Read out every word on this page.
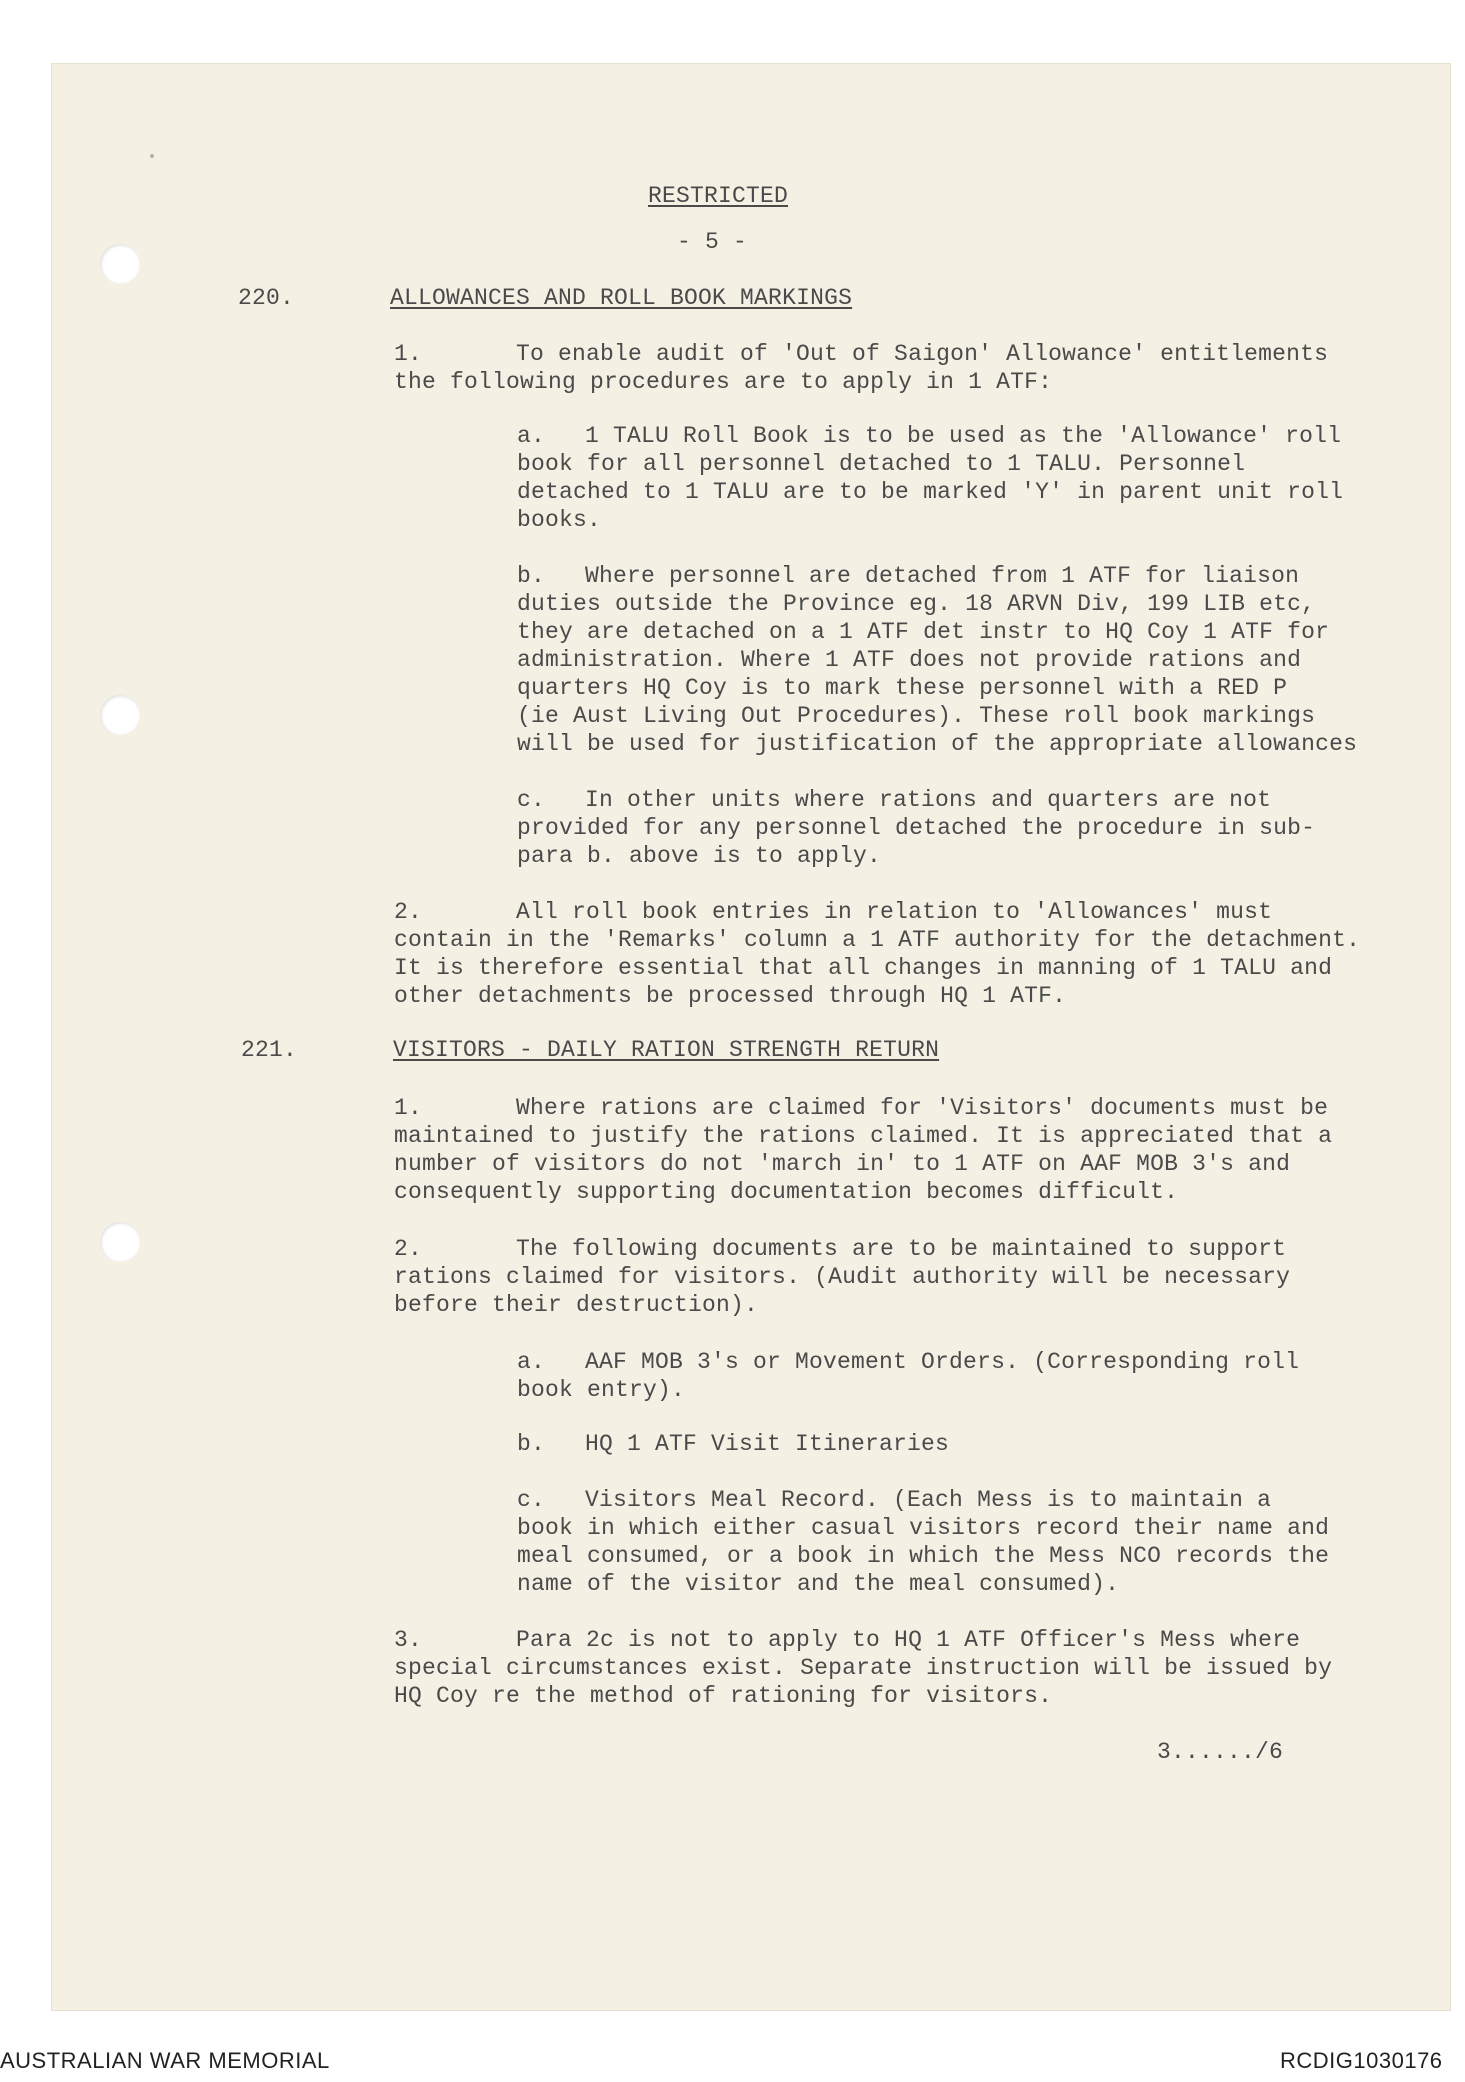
RESTRICTED
- 5 -
220.	ALLOWANCES AND ROLL BOOK MARKINGS
1.	To enable audit of 'Out of Saigon' Allowance' entitlements
the following procedures are to apply in 1 ATF:
a. 1 TALU Roll Book is to be used as the 'Allowance' roll
book for all personnel detached to 1 TALU. Personnel
detached to 1 TALU are to be marked 'Y' in parent unit roll
books.
b. Where personnel are detached from 1 ATF for liaison
duties outside the Province eg. 18 ARVN Div, 199 LIB etc,
they are detached on a 1 ATF det instr to HQ Coy 1 ATF for
administration. Where 1 ATF does not provide rations and
quarters HQ Coy is to mark these personnel with a RED P
(ie Aust Living Out Procedures). These roll book markings
will be used for justification of the appropriate allowances
c. In other units where rations and quarters are not
provided for any personnel detached the procedure in sub-
para b. above is to apply.
2.	All roll book entries in relation to 'Allowances' must
contain in the 'Remarks' column a 1 ATF authority for the detachment.
It is therefore essential that all changes in manning of 1 TALU and
other detachments be processed through HQ 1 ATF.
221.	VISITORS - DAILY RATION STRENGTH RETURN
1.	Where rations are claimed for 'Visitors' documents must be
maintained to justify the rations claimed. It is appreciated that a
number of visitors do not 'march in' to 1 ATF on AAF MOB 3's and
consequently supporting documentation becomes difficult.
2.	The following documents are to be maintained to support
rations claimed for visitors. (Audit authority will be necessary
before their destruction).
a. AAF MOB 3's or Movement Orders. (Corresponding roll
book entry).
b. HQ 1 ATF Visit Itineraries
c. Visitors Meal Record. (Each Mess is to maintain a
book in which either casual visitors record their name and
meal consumed, or a book in which the Mess NCO records the
name of the visitor and the meal consumed).
3.	Para 2c is not to apply to HQ 1 ATF Officer's Mess where
special circumstances exist. Separate instruction will be issued by
HQ Coy re the method of rationing for visitors.
3....../6
AUSTRALIAN WAR MEMORIAL	RCDIG1030176
